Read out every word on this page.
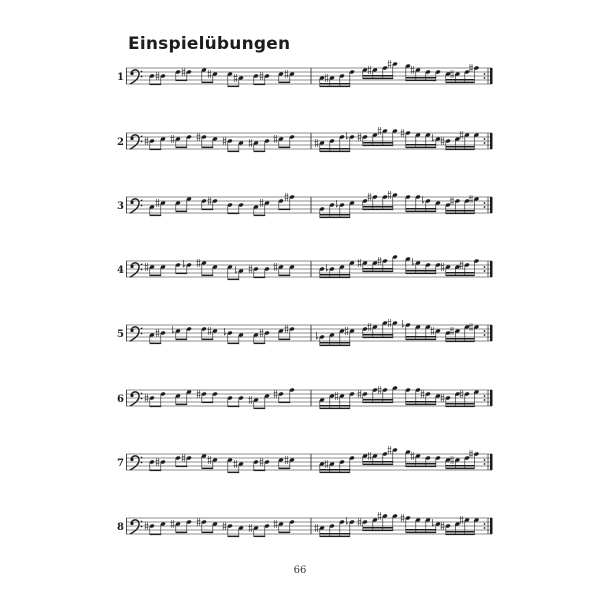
Einspielübungen
1
2
3
4
5
6
7
8
66
